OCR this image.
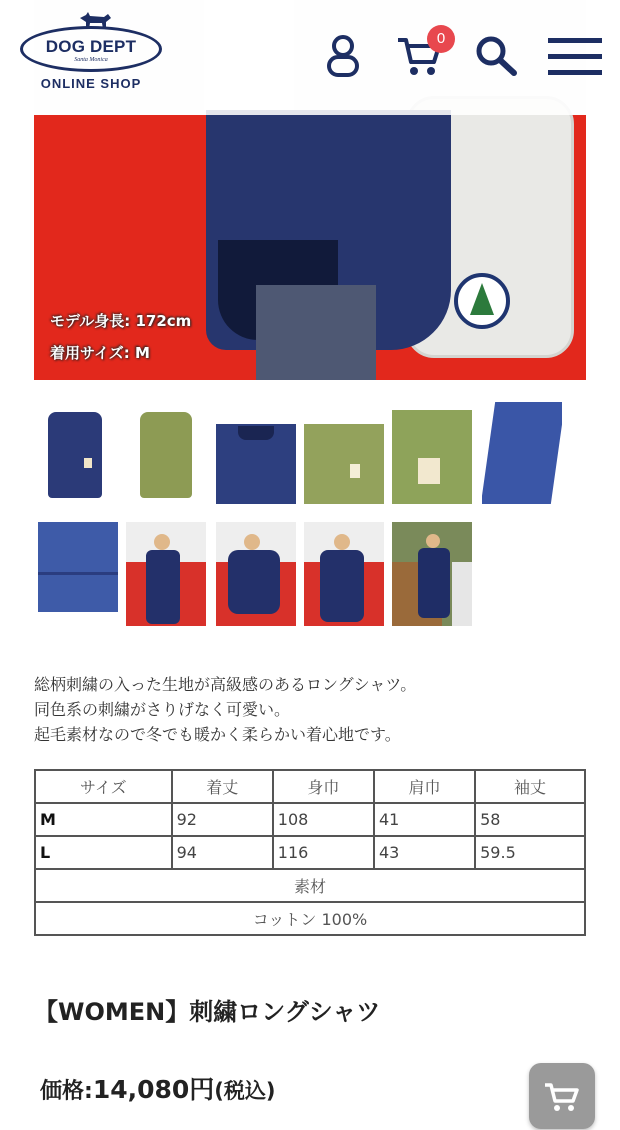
モデル身長: 172cm
着用サイズ: M
DOG DEPT
Santa Monica
ONLINE SHOP
0

総柄刺繍の入った生地が高級感のあるロングシャツ。

同色系の刺繍がさりげなく可愛い。

起毛素材なので冬でも暖かく柔らかい着心地です。

サイズ	着丈	身巾	肩巾	袖丈
M	92	108	41	58
L	94	116	43	59.5
素材				
コットン 100%				
【WOMEN】刺繍ロングシャツ
価格:14,080円(税込)
